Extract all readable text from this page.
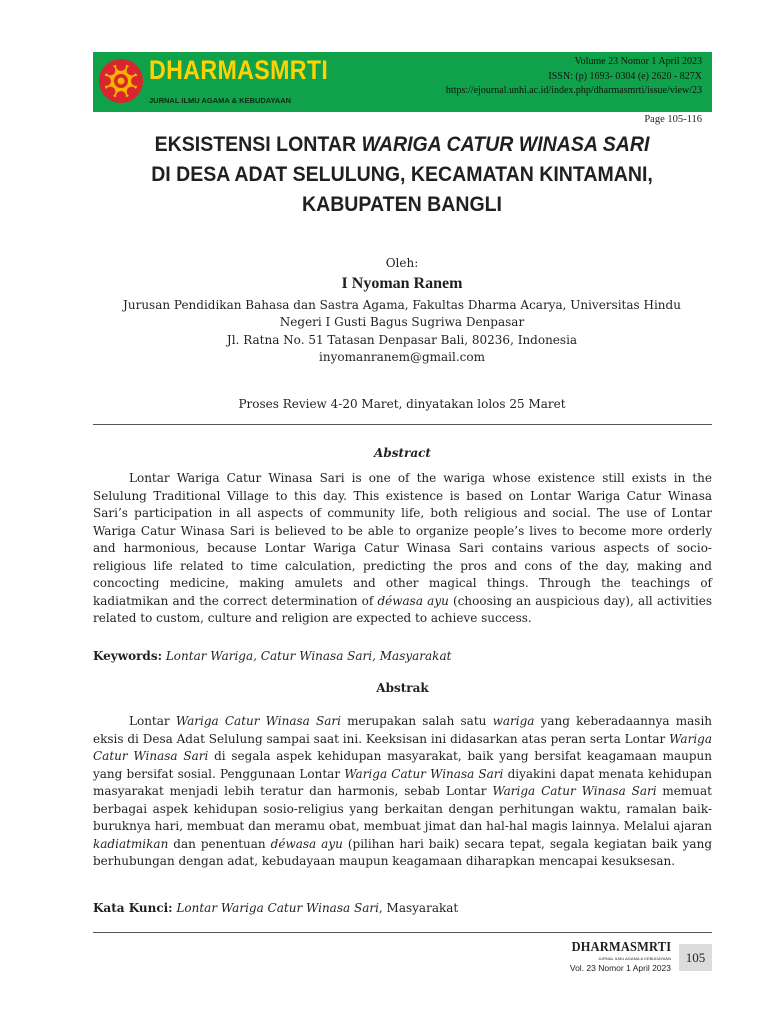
DHARMASMRTI
JURNAL ILMU AGAMA & KEBUDAYAAN
Volume 23 Nomor 1 April 2023
ISSN: (p) 1693- 0304 (e) 2620 - 827X
https://ejournal.unhi.ac.id/index.php/dharmasmrti/issue/view/23
Page 105-116
EKSISTENSI LONTAR WARIGA CATUR WINASA SARI
DI DESA ADAT SELULUNG, KECAMATAN KINTAMANI,
KABUPATEN BANGLI
Oleh:
I Nyoman Ranem
Jurusan Pendidikan Bahasa dan Sastra Agama, Fakultas Dharma Acarya, Universitas Hindu
Negeri I Gusti Bagus Sugriwa Denpasar
Jl. Ratna No. 51 Tatasan Denpasar Bali, 80236, Indonesia
inyomanranem@gmail.com
Proses Review 4-20 Maret, dinyatakan lolos 25 Maret
Abstract

Lontar Wariga Catur Winasa Sari is one of the wariga whose existence still exists in the Selulung Traditional Village to this day. This existence is based on Lontar Wariga Catur Winasa Sari’s participation in all aspects of community life, both religious and social. The use of Lontar Wariga Catur Winasa Sari is believed to be able to organize people’s lives to become more orderly and harmonious, because Lontar Wariga Catur Winasa Sari contains various aspects of socio-religious life related to time calculation, predicting the pros and cons of the day, making and concocting medicine, making amulets and other magical things. Through the teachings of kadiatmikan and the correct determination of déwasa ayu (choosing an auspicious day), all activities related to custom, culture and religion are expected to achieve success.

Keywords: Lontar Wariga, Catur Winasa Sari, Masyarakat
Abstrak

Lontar Wariga Catur Winasa Sari merupakan salah satu wariga yang keberadaannya masih eksis di Desa Adat Selulung sampai saat ini. Keeksisan ini didasarkan atas peran serta Lontar Wariga Catur Winasa Sari di segala aspek kehidupan masyarakat, baik yang bersifat keagamaan maupun yang bersifat sosial. Penggunaan Lontar Wariga Catur Winasa Sari diyakini dapat menata kehidupan masyarakat menjadi lebih teratur dan harmonis, sebab Lontar Wariga Catur Winasa Sari memuat berbagai aspek kehidupan sosio-religius yang berkaitan dengan perhitungan waktu, ramalan baik-buruknya hari, membuat dan meramu obat, membuat jimat dan hal-hal magis lainnya. Melalui ajaran kadiatmikan dan penentuan déwasa ayu (pilihan hari baik) secara tepat, segala kegiatan baik yang berhubungan dengan adat, kebudayaan maupun keagamaan diharapkan mencapai kesuksesan.

Kata Kunci: Lontar Wariga Catur Winasa Sari, Masyarakat
DHARMASMRTI
JURNAL ILMU AGAMA & KEBUDAYAAN
Vol. 23 Nomor 1 April 2023
105
